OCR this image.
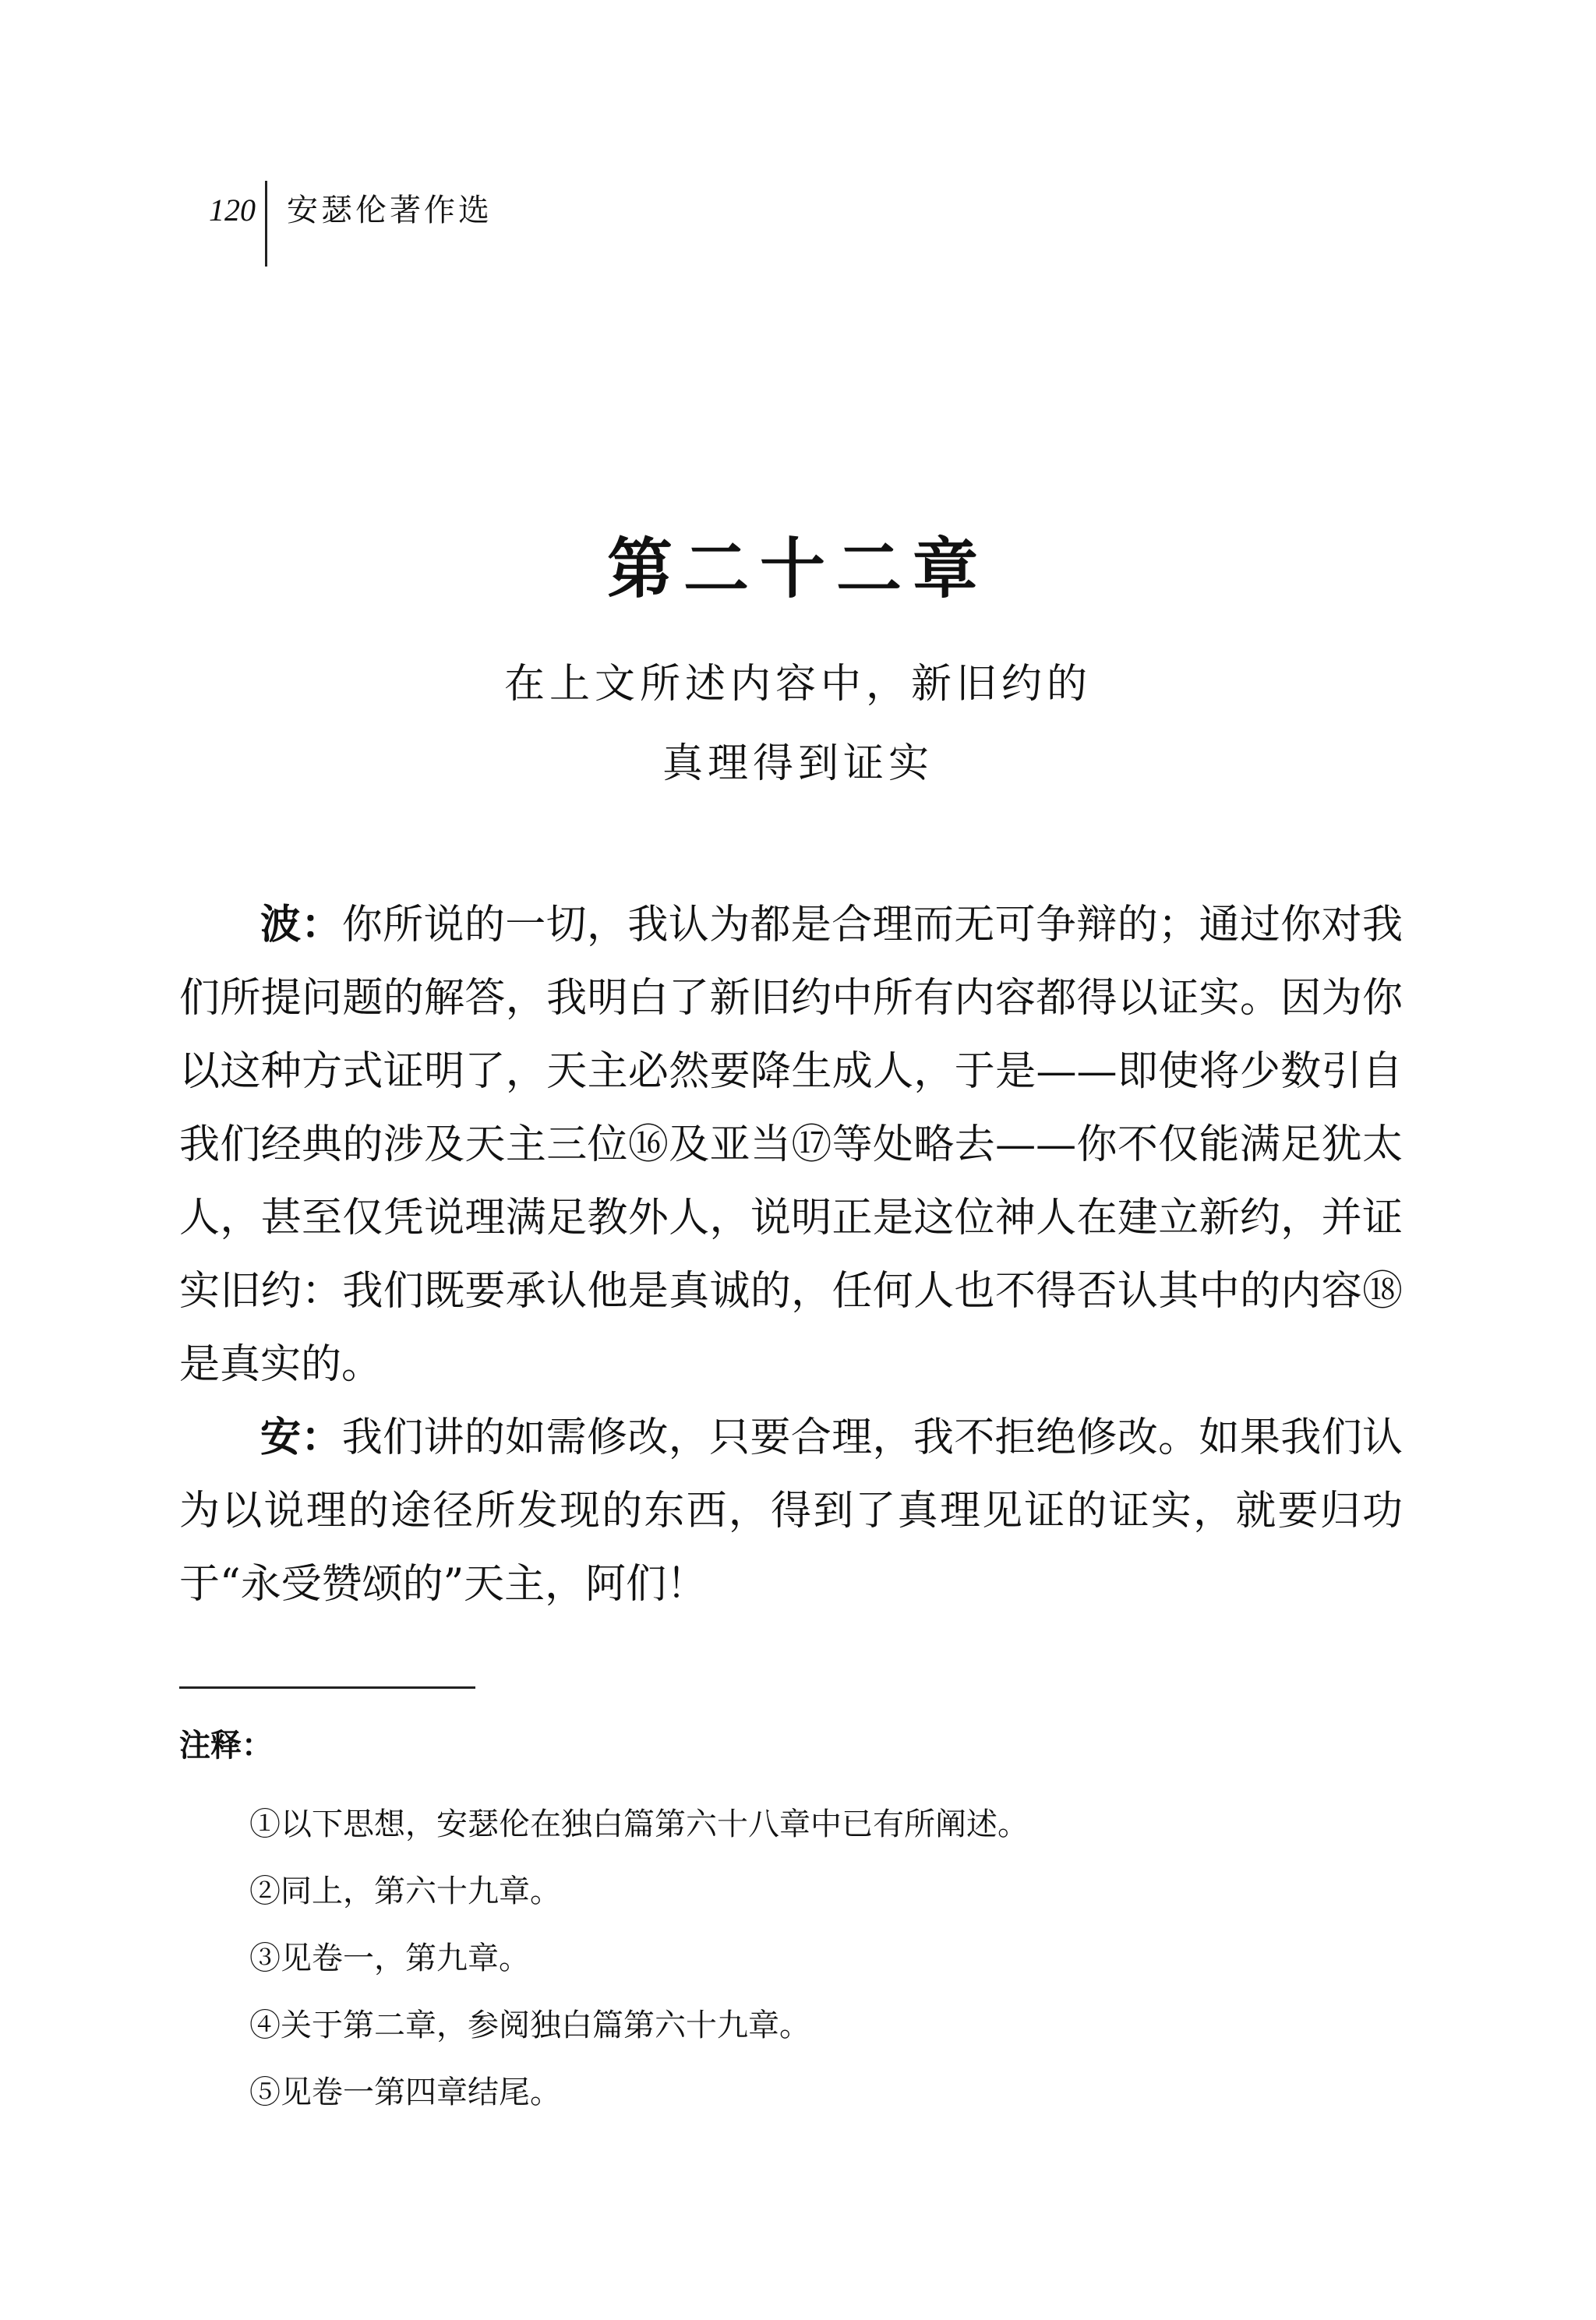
120 安瑟伦著作选
第二十二章
在上文所述内容中，新旧约的
真理得到证实

波：你所说的一切，我认为都是合理而无可争辩的；通过你对我们所提问题的解答，我明白了新旧约中所有内容都得以证实。因为你以这种方式证明了，天主必然要降生成人，于是——即使将少数引自我们经典的涉及天主三位⑯及亚当⑰等处略去——你不仅能满足犹太人，甚至仅凭说理满足教外人，说明正是这位神人在建立新约，并证实旧约：我们既要承认他是真诚的，任何人也不得否认其中的内容⑱是真实的。

安：我们讲的如需修改，只要合理，我不拒绝修改。如果我们认为以说理的途径所发现的东西，得到了真理见证的证实，就要归功于“永受赞颂的”天主，阿们！

注释：
①以下思想，安瑟伦在独白篇第六十八章中已有所阐述。
②同上，第六十九章。
③见卷一，第九章。
④关于第二章，参阅独白篇第六十九章。
⑤见卷一第四章结尾。
